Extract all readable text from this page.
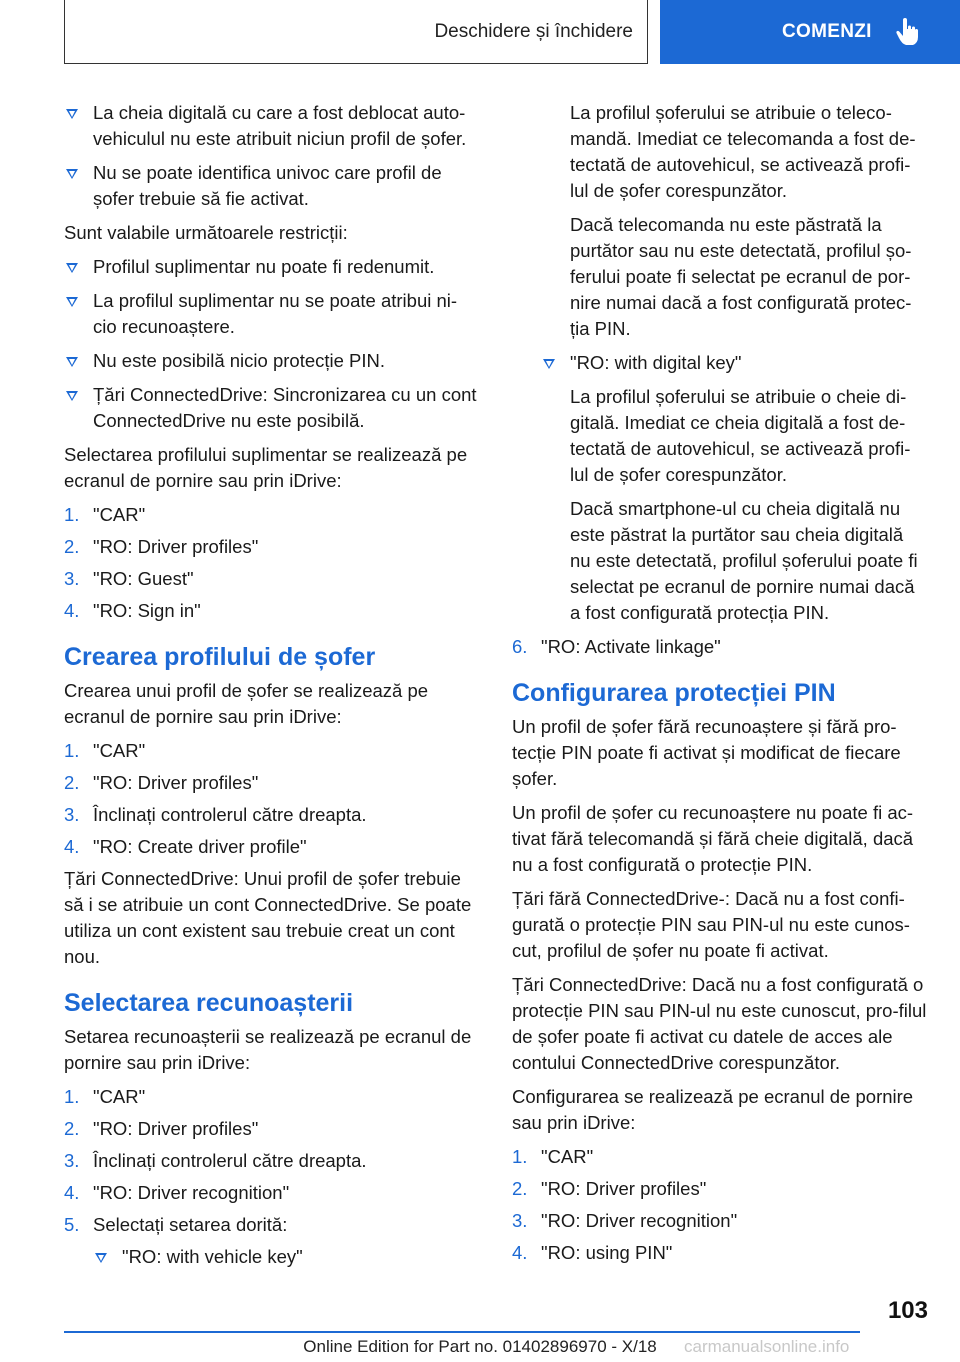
Deschidere și închidere	COMENZI
La cheia digitală cu care a fost deblocat auto-vehiculul nu este atribuit niciun profil de șofer.
Nu se poate identifica univoc care profil de șofer trebuie să fie activat.

Sunt valabile următoarele restricții:

Profilul suplimentar nu poate fi redenumit.
La profilul suplimentar nu se poate atribui ni-cio recunoaștere.
Nu este posibilă nicio protecție PIN.
Țări ConnectedDrive: Sincronizarea cu un cont ConnectedDrive nu este posibilă.

Selectarea profilului suplimentar se realizează pe ecranul de pornire sau prin iDrive:

1. "CAR"
2. "RO: Driver profiles"
3. "RO: Guest"
4. "RO: Sign in"
Crearea profilului de șofer

Crearea unui profil de șofer se realizează pe ecranul de pornire sau prin iDrive:

1. "CAR"
2. "RO: Driver profiles"
3. Înclinați controlerul către dreapta.
4. "RO: Create driver profile"

Țări ConnectedDrive: Unui profil de șofer trebuie să i se atribuie un cont ConnectedDrive. Se poate utiliza un cont existent sau trebuie creat un cont nou.

Selectarea recunoașterii

Setarea recunoașterii se realizează pe ecranul de pornire sau prin iDrive:

1. "CAR"
2. "RO: Driver profiles"
3. Înclinați controlerul către dreapta.
4. "RO: Driver recognition"
5. Selectați setarea dorită:
"RO: with vehicle key"

La profilul șoferului se atribuie o teleco-mandă. Imediat ce telecomanda a fost de-tectată de autovehicul, se activează profi-lul de șofer corespunzător.

Dacă telecomanda nu este păstrată la purtător sau nu este detectată, profilul șo-ferului poate fi selectat pe ecranul de por-nire numai dacă a fost configurată protec-ția PIN.

"RO: with digital key"

La profilul șoferului se atribuie o cheie di-gitală. Imediat ce cheia digitală a fost de-tectată de autovehicul, se activează profi-lul de șofer corespunzător.

Dacă smartphone-ul cu cheia digitală nu este păstrat la purtător sau cheia digitală nu este detectată, profilul șoferului poate fi selectat pe ecranul de pornire numai dacă a fost configurată protecția PIN.

6. "RO: Activate linkage"
Configurarea protecției PIN

Un profil de șofer fără recunoaștere și fără pro-tecție PIN poate fi activat și modificat de fiecare șofer.

Un profil de șofer cu recunoaștere nu poate fi ac-tivat fără telecomandă și fără cheie digitală, dacă nu a fost configurată o protecție PIN.

Țări fără ConnectedDrive-: Dacă nu a fost confi-gurată o protecție PIN sau PIN-ul nu este cunos-cut, profilul de șofer nu poate fi activat.

Țări ConnectedDrive: Dacă nu a fost configurată o protecție PIN sau PIN-ul nu este cunoscut, pro-filul de șofer poate fi activat cu datele de acces ale contului ConnectedDrive corespunzător.

Configurarea se realizează pe ecranul de pornire sau prin iDrive:

1. "CAR"
2. "RO: Driver profiles"
3. "RO: Driver recognition"
4. "RO: using PIN"
103
Online Edition for Part no. 01402896970 - X/18	carmanualsonline.info
